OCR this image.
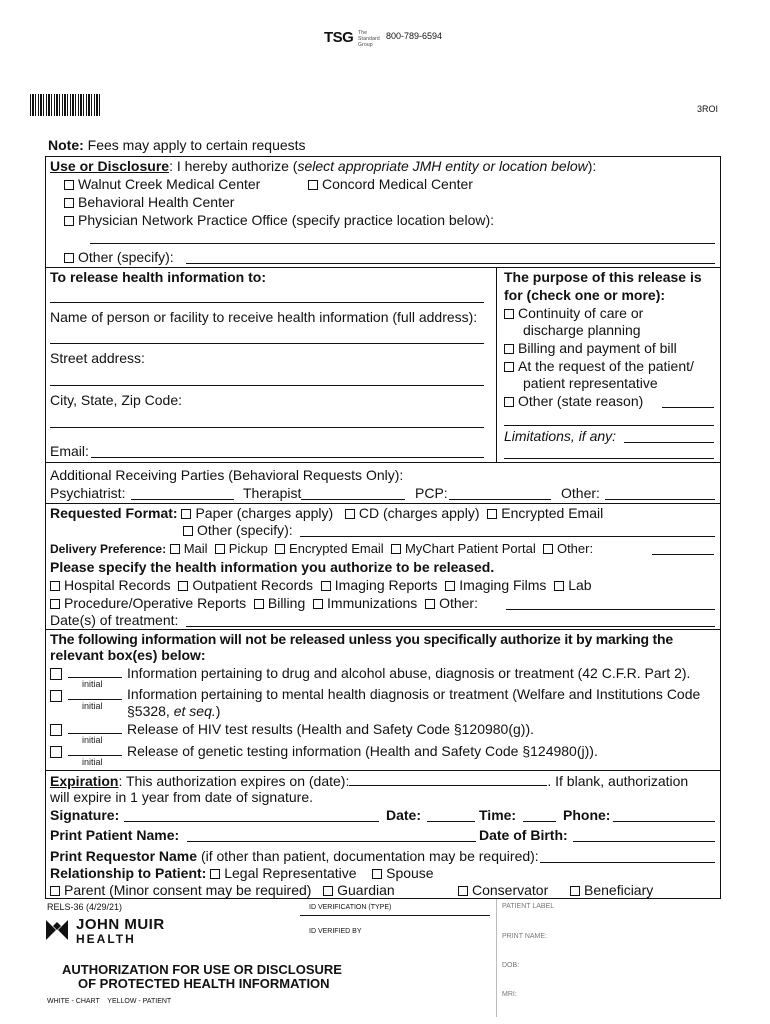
TSG The Standard Group
800-789-6594
3ROI
Note: Fees may apply to certain requests
Use or Disclosure: I hereby authorize (select appropriate JMH entity or location below):
Walnut Creek Medical Center	Concord Medical Center
Behavioral Health Center
Physician Network Practice Office (specify practice location below):
Other (specify):
To release health information to:
Name of person or facility to receive health information (full address):
Street address:
City, State, Zip Code:
Email:
The purpose of this release is
for (check one or more):
Continuity of care or
discharge planning
Billing and payment of bill
At the request of the patient/
patient representative
Other (state reason)
Limitations, if any:
Additional Receiving Parties (Behavioral Requests Only):
Psychiatrist:	Therapist	PCP:	Other:
Requested Format: Paper (charges apply) CD (charges apply) Encrypted Email
Other (specify):
Delivery Preference: Mail Pickup Encrypted Email MyChart Patient Portal Other:
Please specify the health information you authorize to be released.
Hospital Records Outpatient Records Imaging Reports Imaging Films Lab
Procedure/Operative Reports Billing Immunizations Other:
Date(s) of treatment:
The following information will not be released unless you specifically authorize it by marking the
relevant box(es) below:
initial
Information pertaining to drug and alcohol abuse, diagnosis or treatment (42 C.F.R. Part 2).
initial
Information pertaining to mental health diagnosis or treatment (Welfare and Institutions Code
§5328, et seq.)
initial
Release of HIV test results (Health and Safety Code §120980(g)).
initial
Release of genetic testing information (Health and Safety Code §124980(j)).
Expiration: This authorization expires on (date):	. If blank, authorization
will expire in 1 year from date of signature.
Signature:	Date:	Time:	Phone:
Print Patient Name:	Date of Birth:
Print Requestor Name (if other than patient, documentation may be required):
Relationship to Patient: Legal Representative Spouse
Parent (Minor consent may be required) Guardian	Conservator	Beneficiary
RELS-36 (4/29/21)	ID VERIFICATION (TYPE)
ID VERIFIED BY
JOHN MUIR
HEALTH
AUTHORIZATION FOR USE OR DISCLOSURE
OF PROTECTED HEALTH INFORMATION
WHITE - CHART    YELLOW - PATIENT
PATIENT LABEL
PRINT NAME:
DOB:
MRI:
